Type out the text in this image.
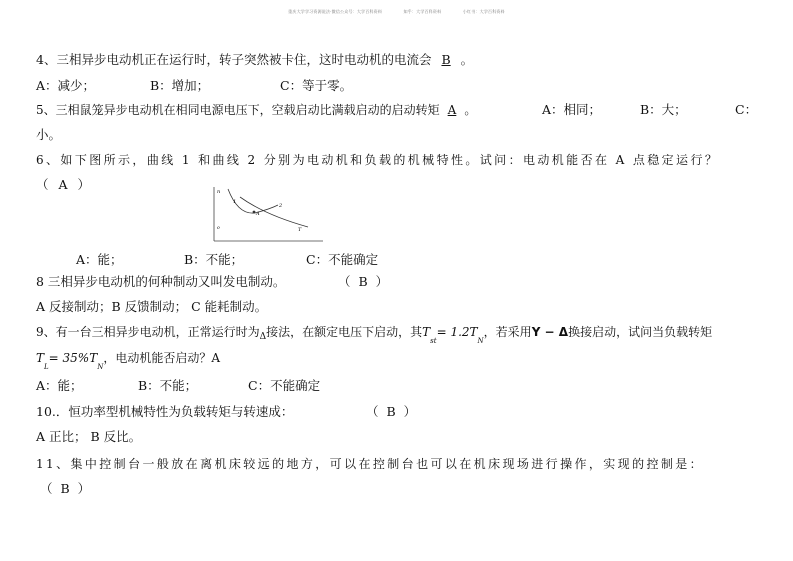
重庆大学学习资源说法·微信公众号：大学百科资料	知乎：大学百科资料	小红书：大学百科资料
4、三相异步电动机正在运行时，转子突然被卡住，这时电动机的电流会 B 。
A：减少；	B：增加；	C：等于零。
5、三相鼠笼异步电动机在相同电源电压下，空载启动比满载启动的启动转矩 A 。	A：相同；	B：大；	C：
小。
6、如下图所示，曲线 1 和曲线 2 分别为电动机和负载的机械特性。试问：电动机能否在 A 点稳定运行？
（ A ）	n
1
2
A
o	T
A：能；	B：不能；	C：不能确定
8 三相异步电动机的何种制动又叫发电制动。	（ B ）
A 反接制动；B 反馈制动； C 能耗制动。
9、有一台三相异步电动机，正常运行时为$_\Delta$接法，在额定电压下启动，其$T_{st}= 1.2T_N$，若采用Y − Δ换接启动，试问当负载转矩
$T_L= 35\%T_N$，电动机能否启动？A
A：能；	B：不能；	C：不能确定
10.．恒功率型机械特性为负载转矩与转速成：	（ B ）
A 正比； B 反比。
11、集中控制台一般放在离机床较远的地方，可以在控制台也可以在机床现场进行操作，实现的控制是：
（ B ）
